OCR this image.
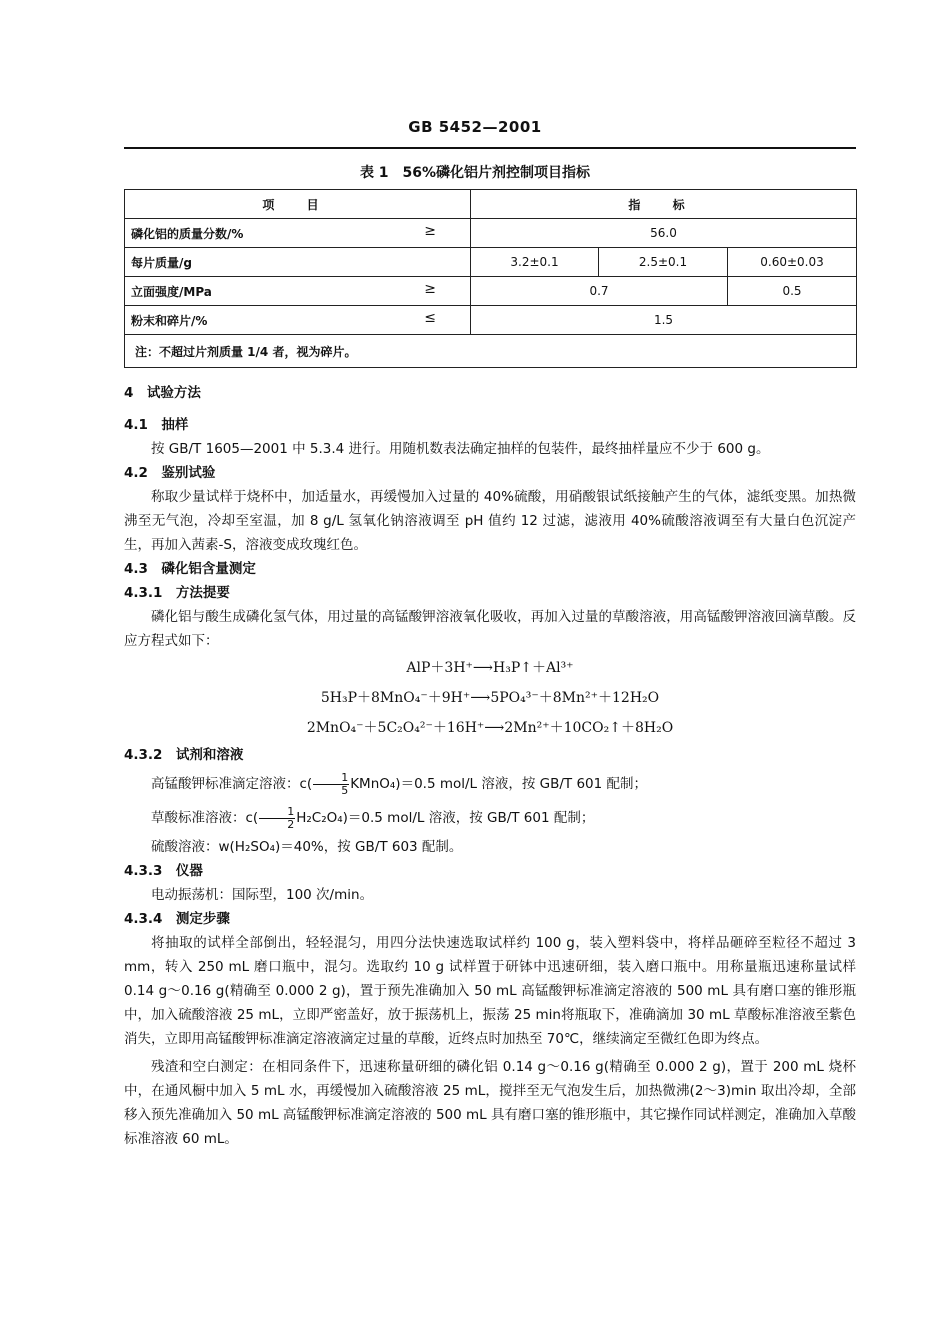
GB 5452—2001
表 1　56%磷化铝片剂控制项目指标
项 目	指 标		
磷化铝的质量分数/% ≥	56.0		
每片质量/g	3.2±0.1	2.5±0.1	0.60±0.03
立面强度/MPa ≥	0.7		0.5
粉末和碎片/% ≤	1.5		
注：不超过片剂质量 1/4 者，视为碎片。			
4　试验方法
4.1　抽样
按 GB/T 1605—2001 中 5.3.4 进行。用随机数表法确定抽样的包装件，最终抽样量应不少于 600 g。
4.2　鉴别试验
称取少量试样于烧杯中，加适量水，再缓慢加入过量的 40%硫酸，用硝酸银试纸接触产生的气体，滤纸变黑。加热微沸至无气泡，冷却至室温，加 8 g/L 氢氧化钠溶液调至 pH 值约 12 过滤，滤液用 40%硫酸溶液调至有大量白色沉淀产生，再加入茜素-S，溶液变成玫瑰红色。
4.3　磷化铝含量测定
4.3.1　方法提要
磷化铝与酸生成磷化氢气体，用过量的高锰酸钾溶液氧化吸收，再加入过量的草酸溶液，用高锰酸钾溶液回滴草酸。反应方程式如下：
AlP＋3H⁺⟶H₃P↑＋Al³⁺
5H₃P＋8MnO₄⁻＋9H⁺⟶5PO₄³⁻＋8Mn²⁺＋12H₂O
2MnO₄⁻＋5C₂O₄²⁻＋16H⁺⟶2Mn²⁺＋10CO₂↑＋8H₂O
4.3.2　试剂和溶液
高锰酸钾标准滴定溶液：$c( \frac{1}{5}$ KMnO₄)＝0.5 mol/L 溶液，按 GB/T 601 配制；
草酸标准溶液：$c( \frac{1}{2} H_2C_2O_4)=0.5$ mol/L 溶液，按 GB/T 601 配制；
硫酸溶液：w(H₂SO₄)＝40%，按 GB/T 603 配制。
4.3.3　仪器
电动振荡机：国际型，100 次/min。
4.3.4　测定步骤
将抽取的试样全部倒出，轻轻混匀，用四分法快速选取试样约 100 g，装入塑料袋中，将样品砸碎至粒径不超过 3 mm，转入 250 mL 磨口瓶中，混匀。选取约 10 g 试样置于研钵中迅速研细，装入磨口瓶中。用称量瓶迅速称量试样 0.14 g～0.16 g(精确至 0.000 2 g)，置于预先准确加入 50 mL 高锰酸钾标准滴定溶液的 500 mL 具有磨口塞的锥形瓶中，加入硫酸溶液 25 mL，立即严密盖好，放于振荡机上，振荡 25 min将瓶取下，准确滴加 30 mL 草酸标准溶液至紫色消失，立即用高锰酸钾标准滴定溶液滴定过量的草酸，近终点时加热至 70℃，继续滴定至微红色即为终点。
残渣和空白测定：在相同条件下，迅速称量研细的磷化铝 0.14 g～0.16 g(精确至 0.000 2 g)，置于 200 mL 烧杯中，在通风橱中加入 5 mL 水，再缓慢加入硫酸溶液 25 mL，搅拌至无气泡发生后，加热微沸(2～3)min 取出冷却，全部移入预先准确加入 50 mL 高锰酸钾标准滴定溶液的 500 mL 具有磨口塞的锥形瓶中，其它操作同试样测定，准确加入草酸标准溶液 60 mL。
